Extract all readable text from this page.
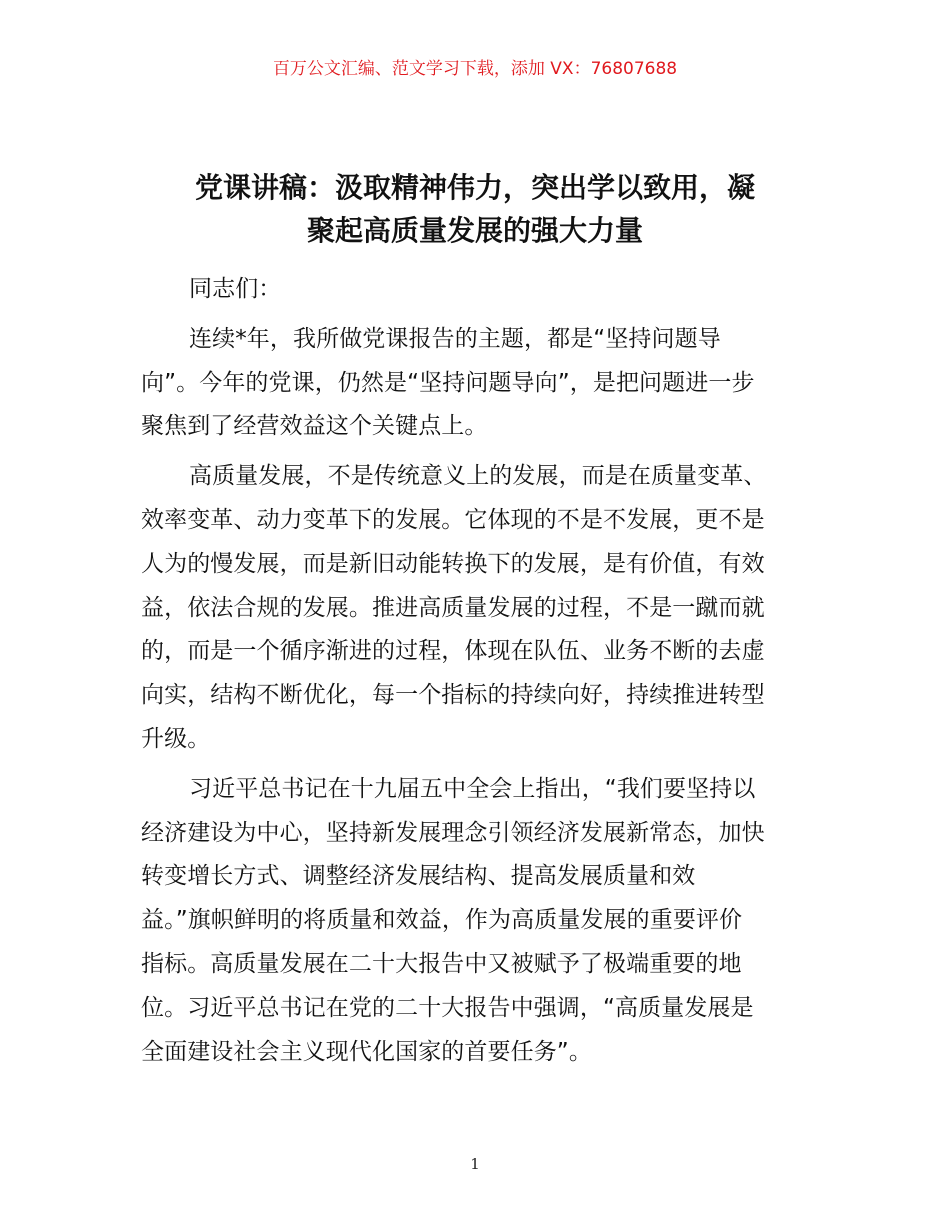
百万公文汇编、范文学习下载，添加 VX：76807688
党课讲稿：汲取精神伟力，突出学以致用，凝
聚起高质量发展的强大力量

同志们：

连续*年，我所做党课报告的主题，都是“坚持问题导
向”。今年的党课，仍然是“坚持问题导向”，是把问题进一步
聚焦到了经营效益这个关键点上。

高质量发展，不是传统意义上的发展，而是在质量变革、
效率变革、动力变革下的发展。它体现的不是不发展，更不是
人为的慢发展，而是新旧动能转换下的发展，是有价值，有效
益，依法合规的发展。推进高质量发展的过程，不是一蹴而就
的，而是一个循序渐进的过程，体现在队伍、业务不断的去虚
向实，结构不断优化，每一个指标的持续向好，持续推进转型
升级。

习近平总书记在十九届五中全会上指出，“我们要坚持以
经济建设为中心，坚持新发展理念引领经济发展新常态，加快
转变增长方式、调整经济发展结构、提高发展质量和效
益。”旗帜鲜明的将质量和效益，作为高质量发展的重要评价
指标。高质量发展在二十大报告中又被赋予了极端重要的地
位。习近平总书记在党的二十大报告中强调，“高质量发展是
全面建设社会主义现代化国家的首要任务”。

1
